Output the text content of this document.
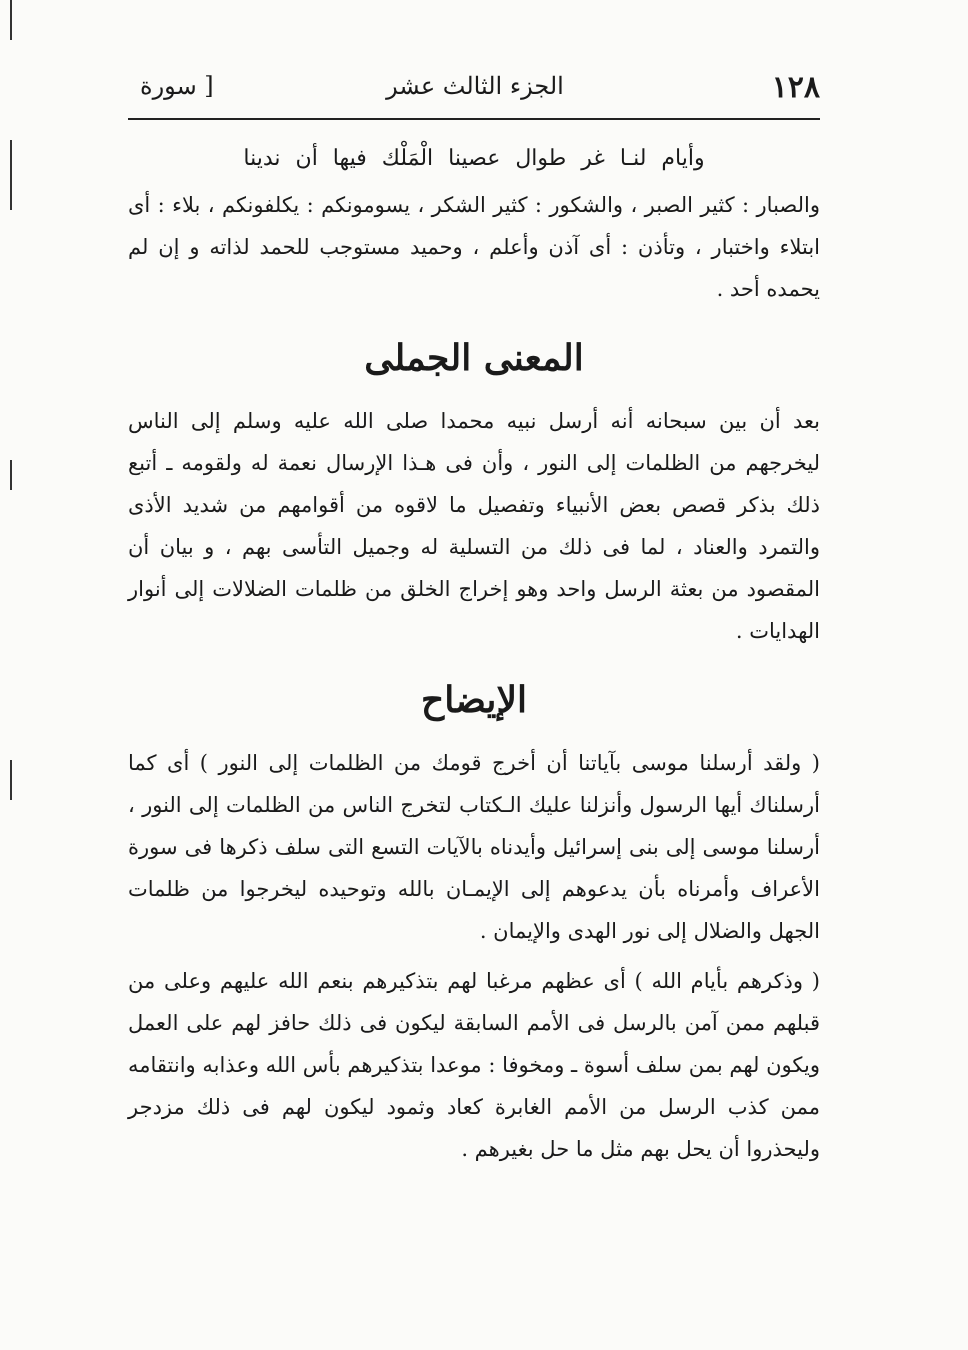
١٢٨
الجزء الثالث عشر
[ سورة

وأيام لنـا غر طوال عصينا الْمَلْك فيها أن ندينا

والصبار : كثير الصبر ، والشكور : كثير الشكر ، يسومونكم : يكلفونكم ، بلاء : أى ابتلاء واختبار ، وتأذن : أى آذن وأعلم ، وحميد مستوجب للحمد لذاته و إن لم يحمده أحد .

المعنى الجملى

بعد أن بين سبحانه أنه أرسل نبيه محمدا صلى الله عليه وسلم إلى الناس ليخرجهم من الظلمات إلى النور ، وأن فى هـذا الإرسال نعمة له ولقومه ـ أتبع ذلك بذكر قصص بعض الأنبياء وتفصيل ما لاقوه من أقوامهم من شديد الأذى والتمرد والعناد ، لما فى ذلك من التسلية له وجميل التأسى بهم ، و بيان أن المقصود من بعثة الرسل واحد وهو إخراج الخلق من ظلمات الضلالات إلى أنوار الهدايات .

الإيضاح

( ولقد أرسلنا موسى بآياتنا أن أخرج قومك من الظلمات إلى النور ) أى كما أرسلناك أيها الرسول وأنزلنا عليك الـكتاب لتخرج الناس من الظلمات إلى النور ، أرسلنا موسى إلى بنى إسرائيل وأيدناه بالآيات التسع التى سلف ذكرها فى سورة الأعراف وأمرناه بأن يدعوهم إلى الإيمـان بالله وتوحيده ليخرجوا من ظلمات الجهل والضلال إلى نور الهدى والإيمان .

( وذكرهم بأيام الله ) أى عظهم مرغبا لهم بتذكيرهم بنعم الله عليهم وعلى من قبلهم ممن آمن بالرسل فى الأمم السابقة ليكون فى ذلك حافز لهم على العمل ويكون لهم بمن سلف أسوة ـ ومخوفا : موعدا بتذكيرهم بأس الله وعذابه وانتقامه ممن كذب الرسل من الأمم الغابرة كعاد وثمود ليكون لهم فى ذلك مزدجر وليحذروا أن يحل بهم مثل ما حل بغيرهم .
